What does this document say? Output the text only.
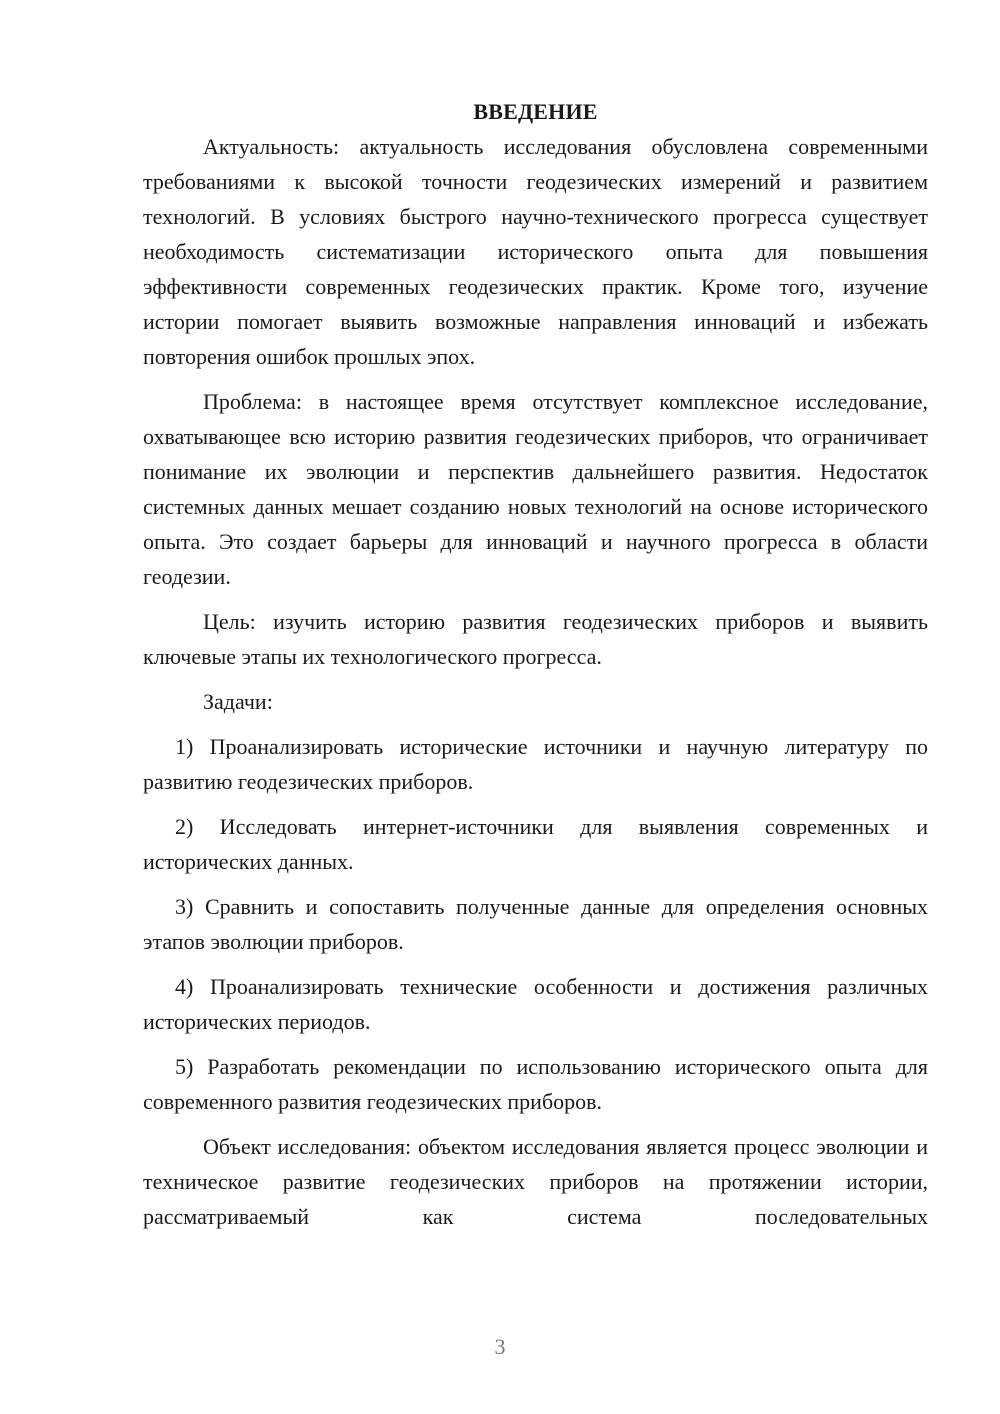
ВВЕДЕНИЕ

Актуальность: актуальность исследования обусловлена современными требованиями к высокой точности геодезических измерений и развитием технологий. В условиях быстрого научно-технического прогресса существует необходимость систематизации исторического опыта для повышения эффективности современных геодезических практик. Кроме того, изучение истории помогает выявить возможные направления инноваций и избежать повторения ошибок прошлых эпох.

Проблема: в настоящее время отсутствует комплексное исследование, охватывающее всю историю развития геодезических приборов, что ограничивает понимание их эволюции и перспектив дальнейшего развития. Недостаток системных данных мешает созданию новых технологий на основе исторического опыта. Это создает барьеры для инноваций и научного прогресса в области геодезии.

Цель: изучить историю развития геодезических приборов и выявить ключевые этапы их технологического прогресса.

Задачи:

1) Проанализировать исторические источники и научную литературу по развитию геодезических приборов.

2) Исследовать интернет-источники для выявления современных и исторических данных.

3) Сравнить и сопоставить полученные данные для определения основных этапов эволюции приборов.

4) Проанализировать технические особенности и достижения различных исторических периодов.

5) Разработать рекомендации по использованию исторического опыта для современного развития геодезических приборов.

Объект исследования: объектом исследования является процесс эволюции и техническое развитие геодезических приборов на протяжении истории, рассматриваемый как система последовательных

3
